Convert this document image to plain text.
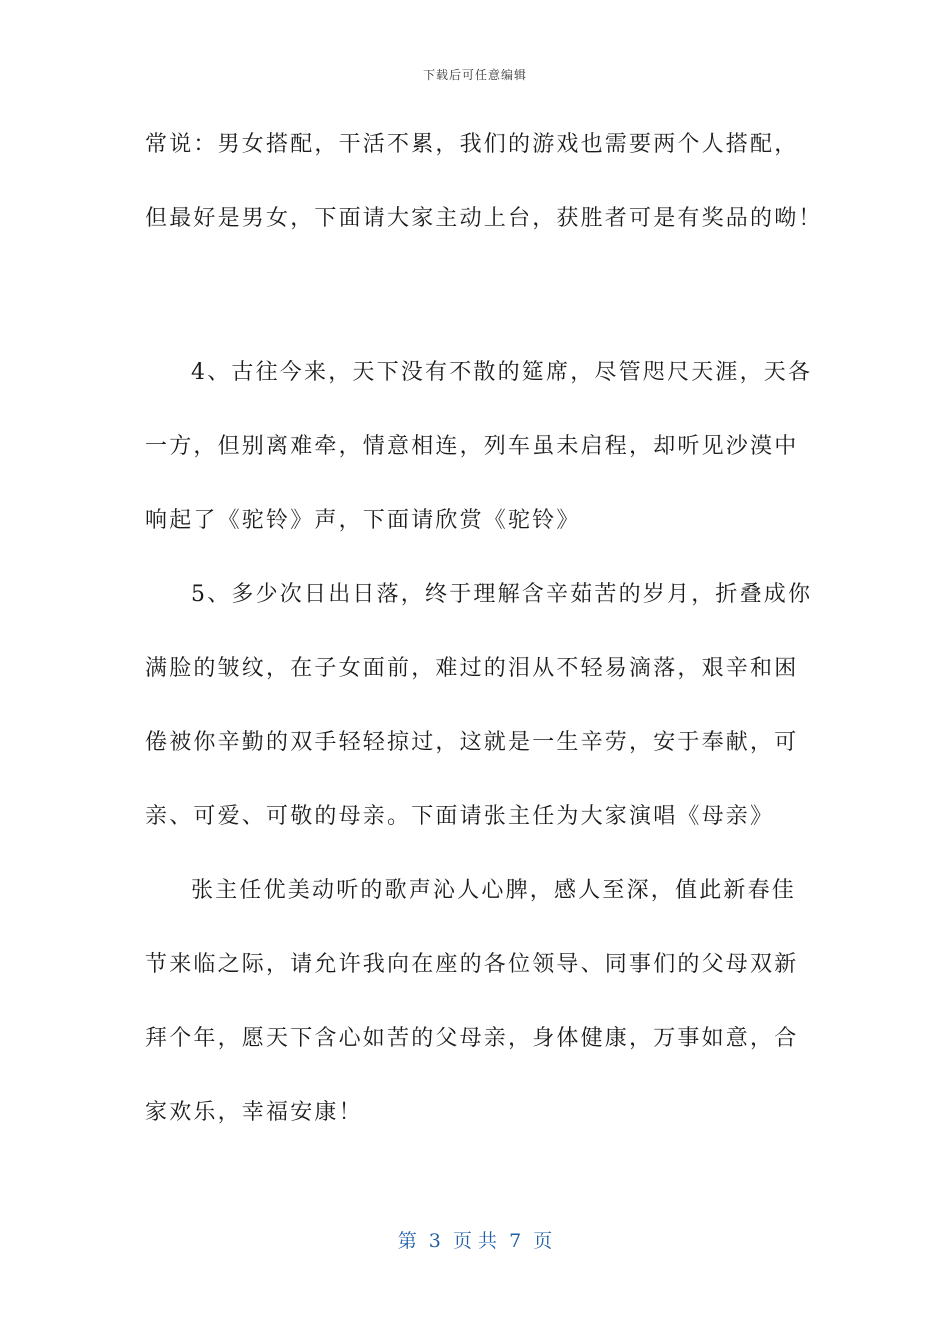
下载后可任意编辑
常说：男女搭配，干活不累，我们的游戏也需要两个人搭配，
但最好是男女，下面请大家主动上台，获胜者可是有奖品的呦！
4、古往今来，天下没有不散的筵席，尽管咫尺天涯，天各
一方，但别离难牵，情意相连，列车虽未启程，却听见沙漠中
响起了《驼铃》声，下面请欣赏《驼铃》
5、多少次日出日落，终于理解含辛茹苦的岁月，折叠成你
满脸的皱纹，在子女面前，难过的泪从不轻易滴落，艰辛和困
倦被你辛勤的双手轻轻掠过，这就是一生辛劳，安于奉献，可
亲、可爱、可敬的母亲。下面请张主任为大家演唱《母亲》
张主任优美动听的歌声沁人心脾，感人至深，值此新春佳
节来临之际，请允许我向在座的各位领导、同事们的父母双新
拜个年，愿天下含心如苦的父母亲，身体健康，万事如意，合
家欢乐，幸福安康！
第  3  页 共  7  页
